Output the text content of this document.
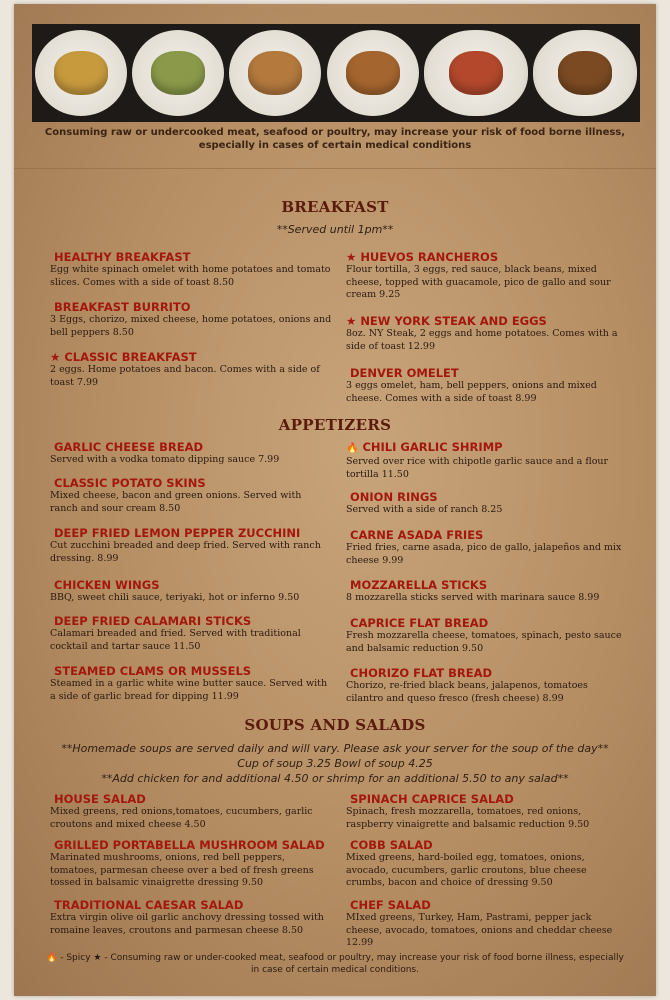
Consuming raw or undercooked meat, seafood or poultry, may increase your risk of food borne illness, especially in cases of certain medical conditions
BREAKFAST
**Served until 1pm**
HEALTHY BREAKFAST
Egg white spinach omelet with home potatoes and tomato slices. Comes with a side of toast 8.50
BREAKFAST BURRITO
3 Eggs, chorizo, mixed cheese, home potatoes, onions and bell peppers 8.50
★ CLASSIC BREAKFAST
2 eggs. Home potatoes and bacon. Comes with a side of toast 7.99
★ HUEVOS RANCHEROS
Flour tortilla, 3 eggs, red sauce, black beans, mixed cheese, topped with guacamole, pico de gallo and sour cream 9.25
★ NEW YORK STEAK AND EGGS
8oz. NY Steak, 2 eggs and home potatoes. Comes with a side of toast 12.99
DENVER OMELET
3 eggs omelet, ham, bell peppers, onions and mixed cheese. Comes with a side of toast 8.99
APPETIZERS
GARLIC CHEESE BREAD
Served with a vodka tomato dipping sauce 7.99
CLASSIC POTATO SKINS
Mixed cheese, bacon and green onions. Served with ranch and sour cream 8.50
DEEP FRIED LEMON PEPPER ZUCCHINI
Cut zucchini breaded and deep fried. Served with ranch dressing. 8.99
CHICKEN WINGS
BBQ, sweet chili sauce, teriyaki, hot or inferno 9.50
DEEP FRIED CALAMARI STICKS
Calamari breaded and fried. Served with traditional cocktail and tartar sauce 11.50
STEAMED CLAMS OR MUSSELS
Steamed in a garlic white wine butter sauce. Served with a side of garlic bread for dipping 11.99
🔥 CHILI GARLIC SHRIMP
Served over rice with chipotle garlic sauce and a flour tortilla 11.50
ONION RINGS
Served with a side of ranch 8.25
CARNE ASADA FRIES
Fried fries, carne asada, pico de gallo, jalapeños and mix cheese 9.99
MOZZARELLA STICKS
8 mozzarella sticks served with marinara sauce 8.99
CAPRICE FLAT BREAD
Fresh mozzarella cheese, tomatoes, spinach, pesto sauce and balsamic reduction 9.50
CHORIZO FLAT BREAD
Chorizo, re-fried black beans, jalapenos, tomatoes cilantro and queso fresco (fresh cheese) 8.99
SOUPS AND SALADS
**Homemade soups are served daily and will vary. Please ask your server for the soup of the day**
Cup of soup 3.25 Bowl of soup 4.25
**Add chicken for and additional 4.50 or shrimp for an additional 5.50 to any salad**
HOUSE SALAD
Mixed greens, red onions,tomatoes, cucumbers, garlic croutons and mixed cheese 4.50
GRILLED PORTABELLA MUSHROOM SALAD
Marinated mushrooms, onions, red bell peppers, tomatoes, parmesan cheese over a bed of fresh greens tossed in balsamic vinaigrette dressing 9.50
TRADITIONAL CAESAR SALAD
Extra virgin olive oil garlic anchovy dressing tossed with romaine leaves, croutons and parmesan cheese 8.50
SPINACH CAPRICE SALAD
Spinach, fresh mozzarella, tomatoes, red onions, raspberry vinaigrette and balsamic reduction 9.50
COBB SALAD
Mixed greens, hard-boiled egg, tomatoes, onions, avocado, cucumbers, garlic croutons, blue cheese crumbs, bacon and choice of dressing 9.50
CHEF SALAD
MIxed greens, Turkey, Ham, Pastrami, pepper jack cheese, avocado, tomatoes, onions and cheddar cheese 12.99
🔥 - Spicy ★ - Consuming raw or under-cooked meat, seafood or poultry, may increase your risk of food borne illness, especially
in case of certain medical conditions.
